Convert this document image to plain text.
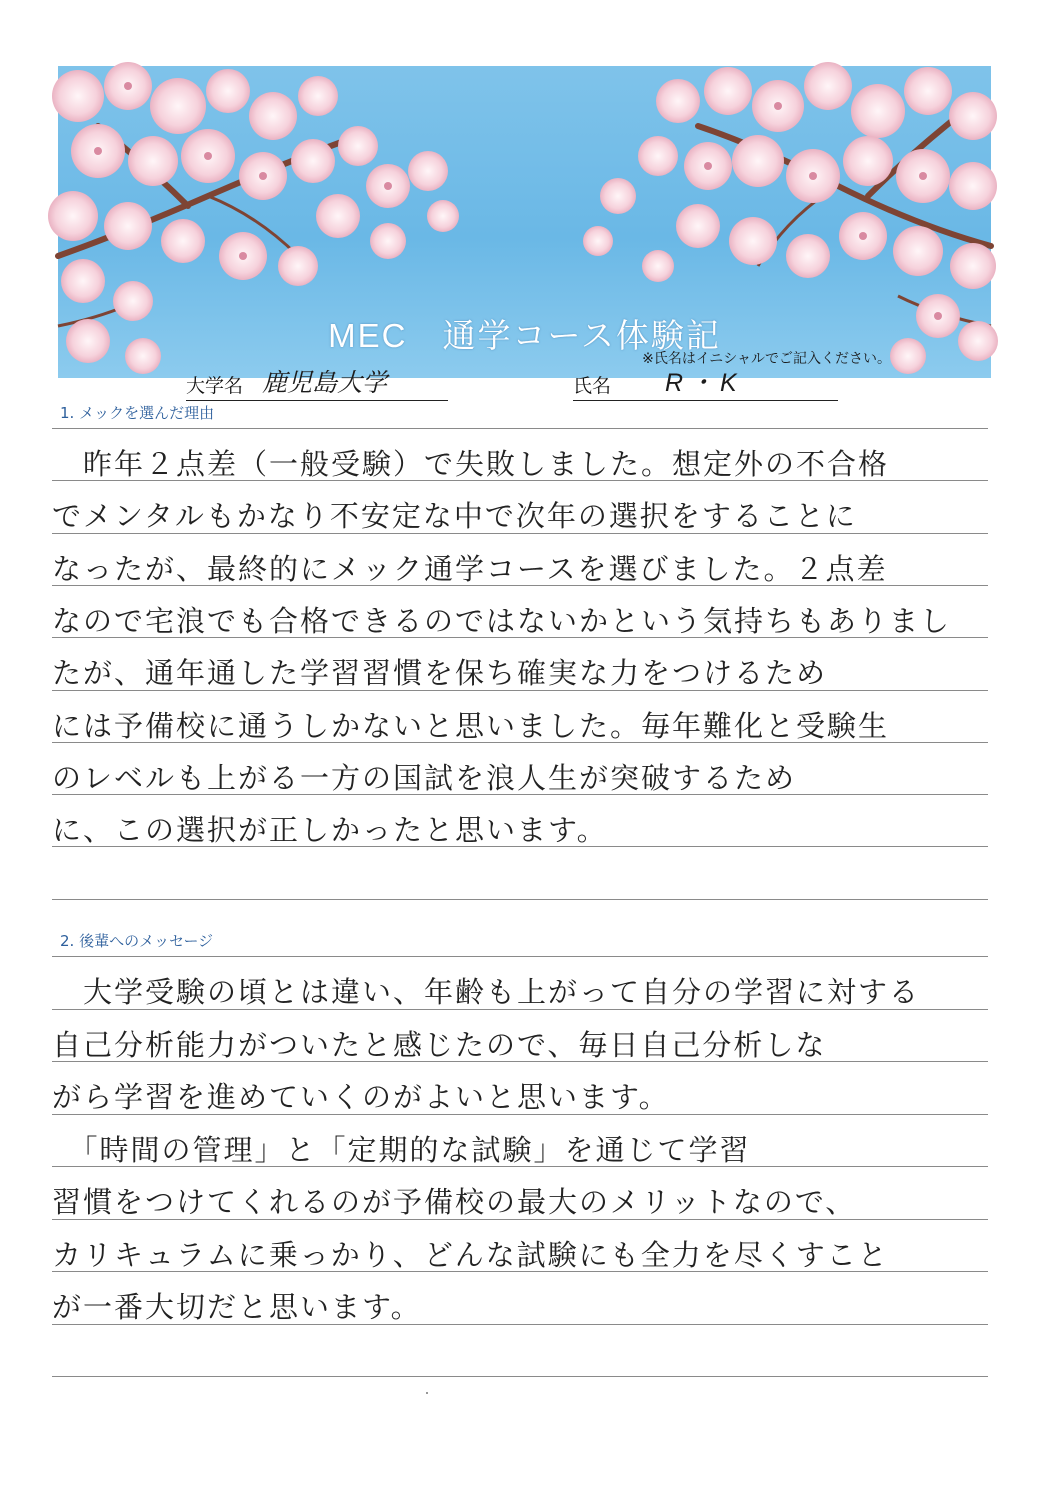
MEC　通学コース体験記
大学名 鹿児島大学	氏名 R・K
※氏名はイニシャルでご記入ください。
1. メックを選んだ理由
　昨年２点差（一般受験）で失敗しました。想定外の不合格
でメンタルもかなり不安定な中で次年の選択をすることに
なったが、最終的にメック通学コースを選びました。２点差
なので宅浪でも合格できるのではないかという気持ちもありまし
たが、通年通した学習習慣を保ち確実な力をつけるため
には予備校に通うしかないと思いました。毎年難化と受験生
のレベルも上がる一方の国試を浪人生が突破するため
に、この選択が正しかったと思います。
2. 後輩へのメッセージ
　大学受験の頃とは違い、年齢も上がって自分の学習に対する
自己分析能力がついたと感じたので、毎日自己分析しな
がら学習を進めていくのがよいと思います。
　「時間の管理」と「定期的な試験」を通じて学習
習慣をつけてくれるのが予備校の最大のメリットなので、
カリキュラムに乗っかり、どんな試験にも全力を尽くすこと
が一番大切だと思います。
